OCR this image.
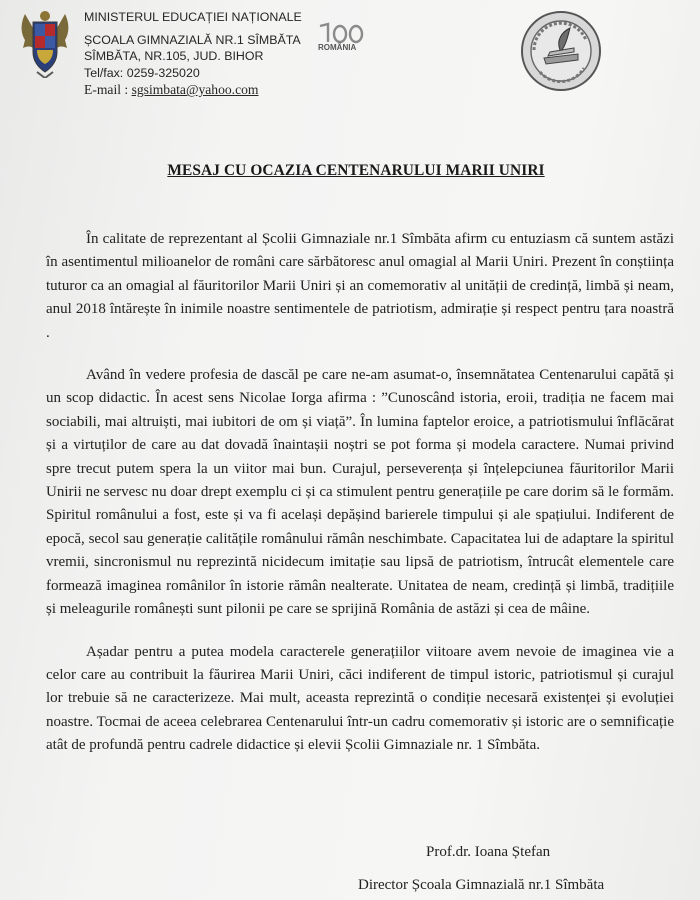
MINISTERUL EDUCAȚIEI NAȚIONALE
ȘCOALA GIMNAZIALĂ NR.1 SÎMBĂTA
SÎMBĂTA, NR.105, JUD. BIHOR
Tel/fax: 0259-325020
E-mail : sgsimbata@yahoo.com
ROMÂNIA
MESAJ CU OCAZIA CENTENARULUI MARII UNIRI

În calitate de reprezentant al Școlii Gimnaziale nr.1 Sîmbăta afirm cu entuziasm că suntem astăzi în asentimentul milioanelor de români care sărbătoresc anul omagial al Marii Uniri. Prezent în conștiința tuturor ca an omagial al făuritorilor Marii Uniri și an comemorativ al unității de credință, limbă și neam, anul 2018 întărește în inimile noastre sentimentele de patriotism, admirație și respect pentru țara noastră .

Având în vedere profesia de dascăl pe care ne-am asumat-o, însemnătatea Centenarului capătă și un scop didactic. În acest sens Nicolae Iorga afirma : ”Cunoscând istoria, eroii, tradiția ne facem mai sociabili, mai altruiști, mai iubitori de om și viață”. În lumina faptelor eroice, a patriotismului înflăcărat și a virtuților de care au dat dovadă înaintașii noștri se pot forma și modela caractere. Numai privind spre trecut putem spera la un viitor mai bun. Curajul, perseverența și înțelepciunea făuritorilor Marii Unirii ne servesc nu doar drept exemplu ci și ca stimulent pentru generațiile pe care dorim să le formăm. Spiritul românului a fost, este și va fi același depășind barierele timpului și ale spațiului. Indiferent de epocă, secol sau generație calitățile românului rămân neschimbate. Capacitatea lui de adaptare la spiritul vremii, sincronismul nu reprezintă nicidecum imitație sau lipsă de patriotism, întrucât elementele care formează imaginea românilor în istorie rămân nealterate. Unitatea de neam, credință și limbă, tradițiile și meleagurile românești sunt pilonii pe care se sprijină România de astăzi și cea de mâine.

Așadar pentru a putea modela caracterele generațiilor viitoare avem nevoie de imaginea vie a celor care au contribuit la făurirea Marii Uniri, căci indiferent de timpul istoric, patriotismul și curajul lor trebuie să ne caracterizeze. Mai mult, aceasta reprezintă o condiție necesară existenței și evoluției noastre. Tocmai de aceea celebrarea Centenarului într-un cadru comemorativ și istoric are o semnificație atât de profundă pentru cadrele didactice și elevii Școlii Gimnaziale nr. 1 Sîmbăta.

Prof.dr. Ioana Ștefan
Director Școala Gimnazială nr.1 Sîmbăta
